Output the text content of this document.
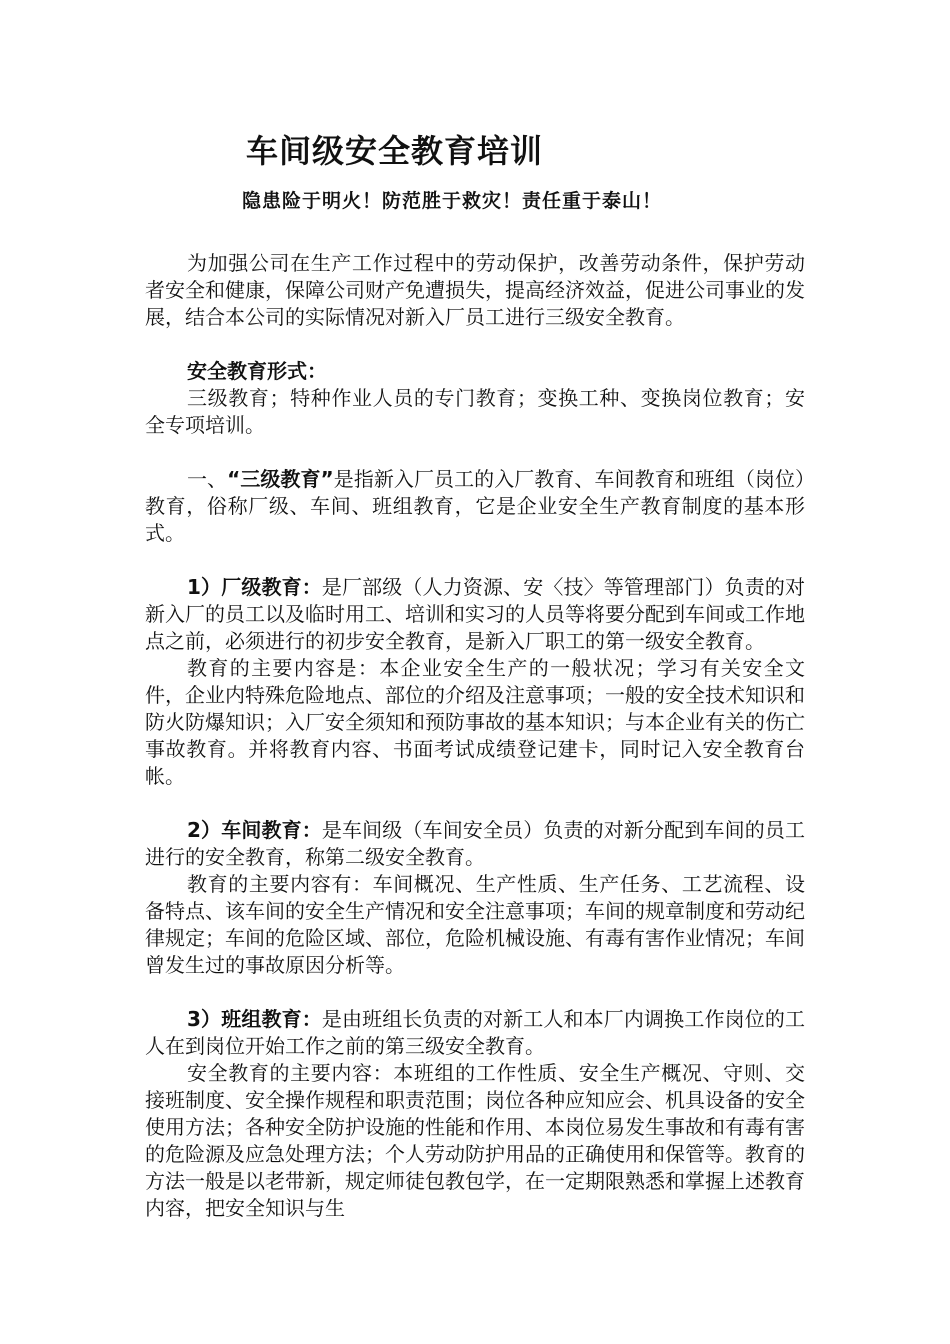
车间级安全教育培训
隐患险于明火！防范胜于救灾！责任重于泰山！

为加强公司在生产工作过程中的劳动保护，改善劳动条件，保护劳动者安全和健康，保障公司财产免遭损失，提高经济效益，促进公司事业的发展，结合本公司的实际情况对新入厂员工进行三级安全教育。

安全教育形式：

三级教育；特种作业人员的专门教育；变换工种、变换岗位教育；安全专项培训。

一、“三级教育”是指新入厂员工的入厂教育、车间教育和班组（岗位）教育，俗称厂级、车间、班组教育，它是企业安全生产教育制度的基本形式。

1）厂级教育：是厂部级（人力资源、安〈技〉等管理部门）负责的对新入厂的员工以及临时用工、培训和实习的人员等将要分配到车间或工作地点之前，必须进行的初步安全教育，是新入厂职工的第一级安全教育。

教育的主要内容是：本企业安全生产的一般状况；学习有关安全文件，企业内特殊危险地点、部位的介绍及注意事项；一般的安全技术知识和防火防爆知识；入厂安全须知和预防事故的基本知识；与本企业有关的伤亡事故教育。并将教育内容、书面考试成绩登记建卡，同时记入安全教育台帐。

2）车间教育：是车间级（车间安全员）负责的对新分配到车间的员工进行的安全教育，称第二级安全教育。

教育的主要内容有：车间概况、生产性质、生产任务、工艺流程、设备特点、该车间的安全生产情况和安全注意事项；车间的规章制度和劳动纪律规定；车间的危险区域、部位，危险机械设施、有毒有害作业情况；车间曾发生过的事故原因分析等。

3）班组教育：是由班组长负责的对新工人和本厂内调换工作岗位的工人在到岗位开始工作之前的第三级安全教育。

安全教育的主要内容：本班组的工作性质、安全生产概况、守则、交接班制度、安全操作规程和职责范围；岗位各种应知应会、机具设备的安全使用方法；各种安全防护设施的性能和作用、本岗位易发生事故和有毒有害的危险源及应急处理方法；个人劳动防护用品的正确使用和保管等。教育的方法一般是以老带新，规定师徒包教包学，在一定期限熟悉和掌握上述教育内容，把安全知识与生
